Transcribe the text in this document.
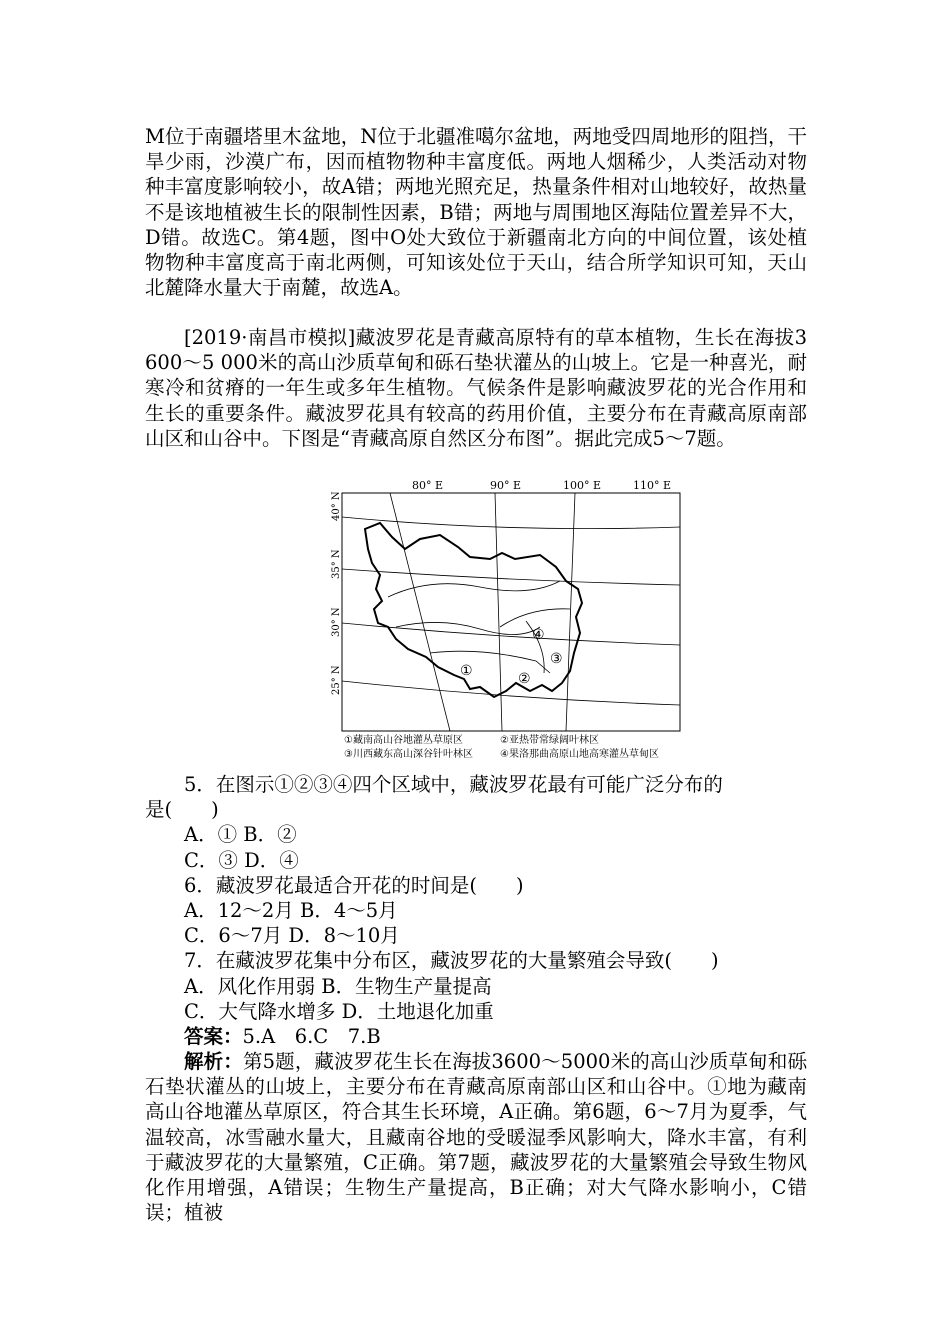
M位于南疆塔里木盆地，N位于北疆准噶尔盆地，两地受四周地形的阻挡，干旱少雨，沙漠广布，因而植物物种丰富度低。两地人烟稀少，人类活动对物种丰富度影响较小，故A错；两地光照充足，热量条件相对山地较好，故热量不是该地植被生长的限制性因素，B错；两地与周围地区海陆位置差异不大，D错。故选C。第4题，图中O处大致位于新疆南北方向的中间位置，该处植物物种丰富度高于南北两侧，可知该处位于天山，结合所学知识可知，天山北麓降水量大于南麓，故选A。

[2019·南昌市模拟]藏波罗花是青藏高原特有的草本植物，生长在海拔3 600～5 000米的高山沙质草甸和砾石垫状灌丛的山坡上。它是一种喜光，耐寒冷和贫瘠的一年生或多年生植物。气候条件是影响藏波罗花的光合作用和生长的重要条件。藏波罗花具有较高的药用价值，主要分布在青藏高原南部山区和山谷中。下图是“青藏高原自然区分布图”。据此完成5～7题。

80° E	90° E	100° E	110° E
40° N
35° N
30° N
25° N	①	②
③
④
①藏南高山谷地灌丛草原区	②亚热带常绿阔叶林区
③川西藏东高山深谷针叶林区	④果洛那曲高原山地高寒灌丛草甸区

5．在图示①②③④四个区域中，藏波罗花最有可能广泛分布的

是(　　)

A．① B．②

C．③ D．④

6．藏波罗花最适合开花的时间是(　　)

A．12～2月 B．4～5月

C．6～7月 D．8～10月

7．在藏波罗花集中分布区，藏波罗花的大量繁殖会导致(　　)

A．风化作用弱 B．生物生产量提高

C．大气降水增多 D．土地退化加重

答案：5.A　6.C　7.B

解析：第5题，藏波罗花生长在海拔3600～5000米的高山沙质草甸和砾石垫状灌丛的山坡上，主要分布在青藏高原南部山区和山谷中。①地为藏南高山谷地灌丛草原区，符合其生长环境，A正确。第6题，6～7月为夏季，气温较高，冰雪融水量大，且藏南谷地的受暖湿季风影响大，降水丰富，有利于藏波罗花的大量繁殖，C正确。第7题，藏波罗花的大量繁殖会导致生物风化作用增强，A错误；生物生产量提高，B正确；对大气降水影响小，C错误；植被
